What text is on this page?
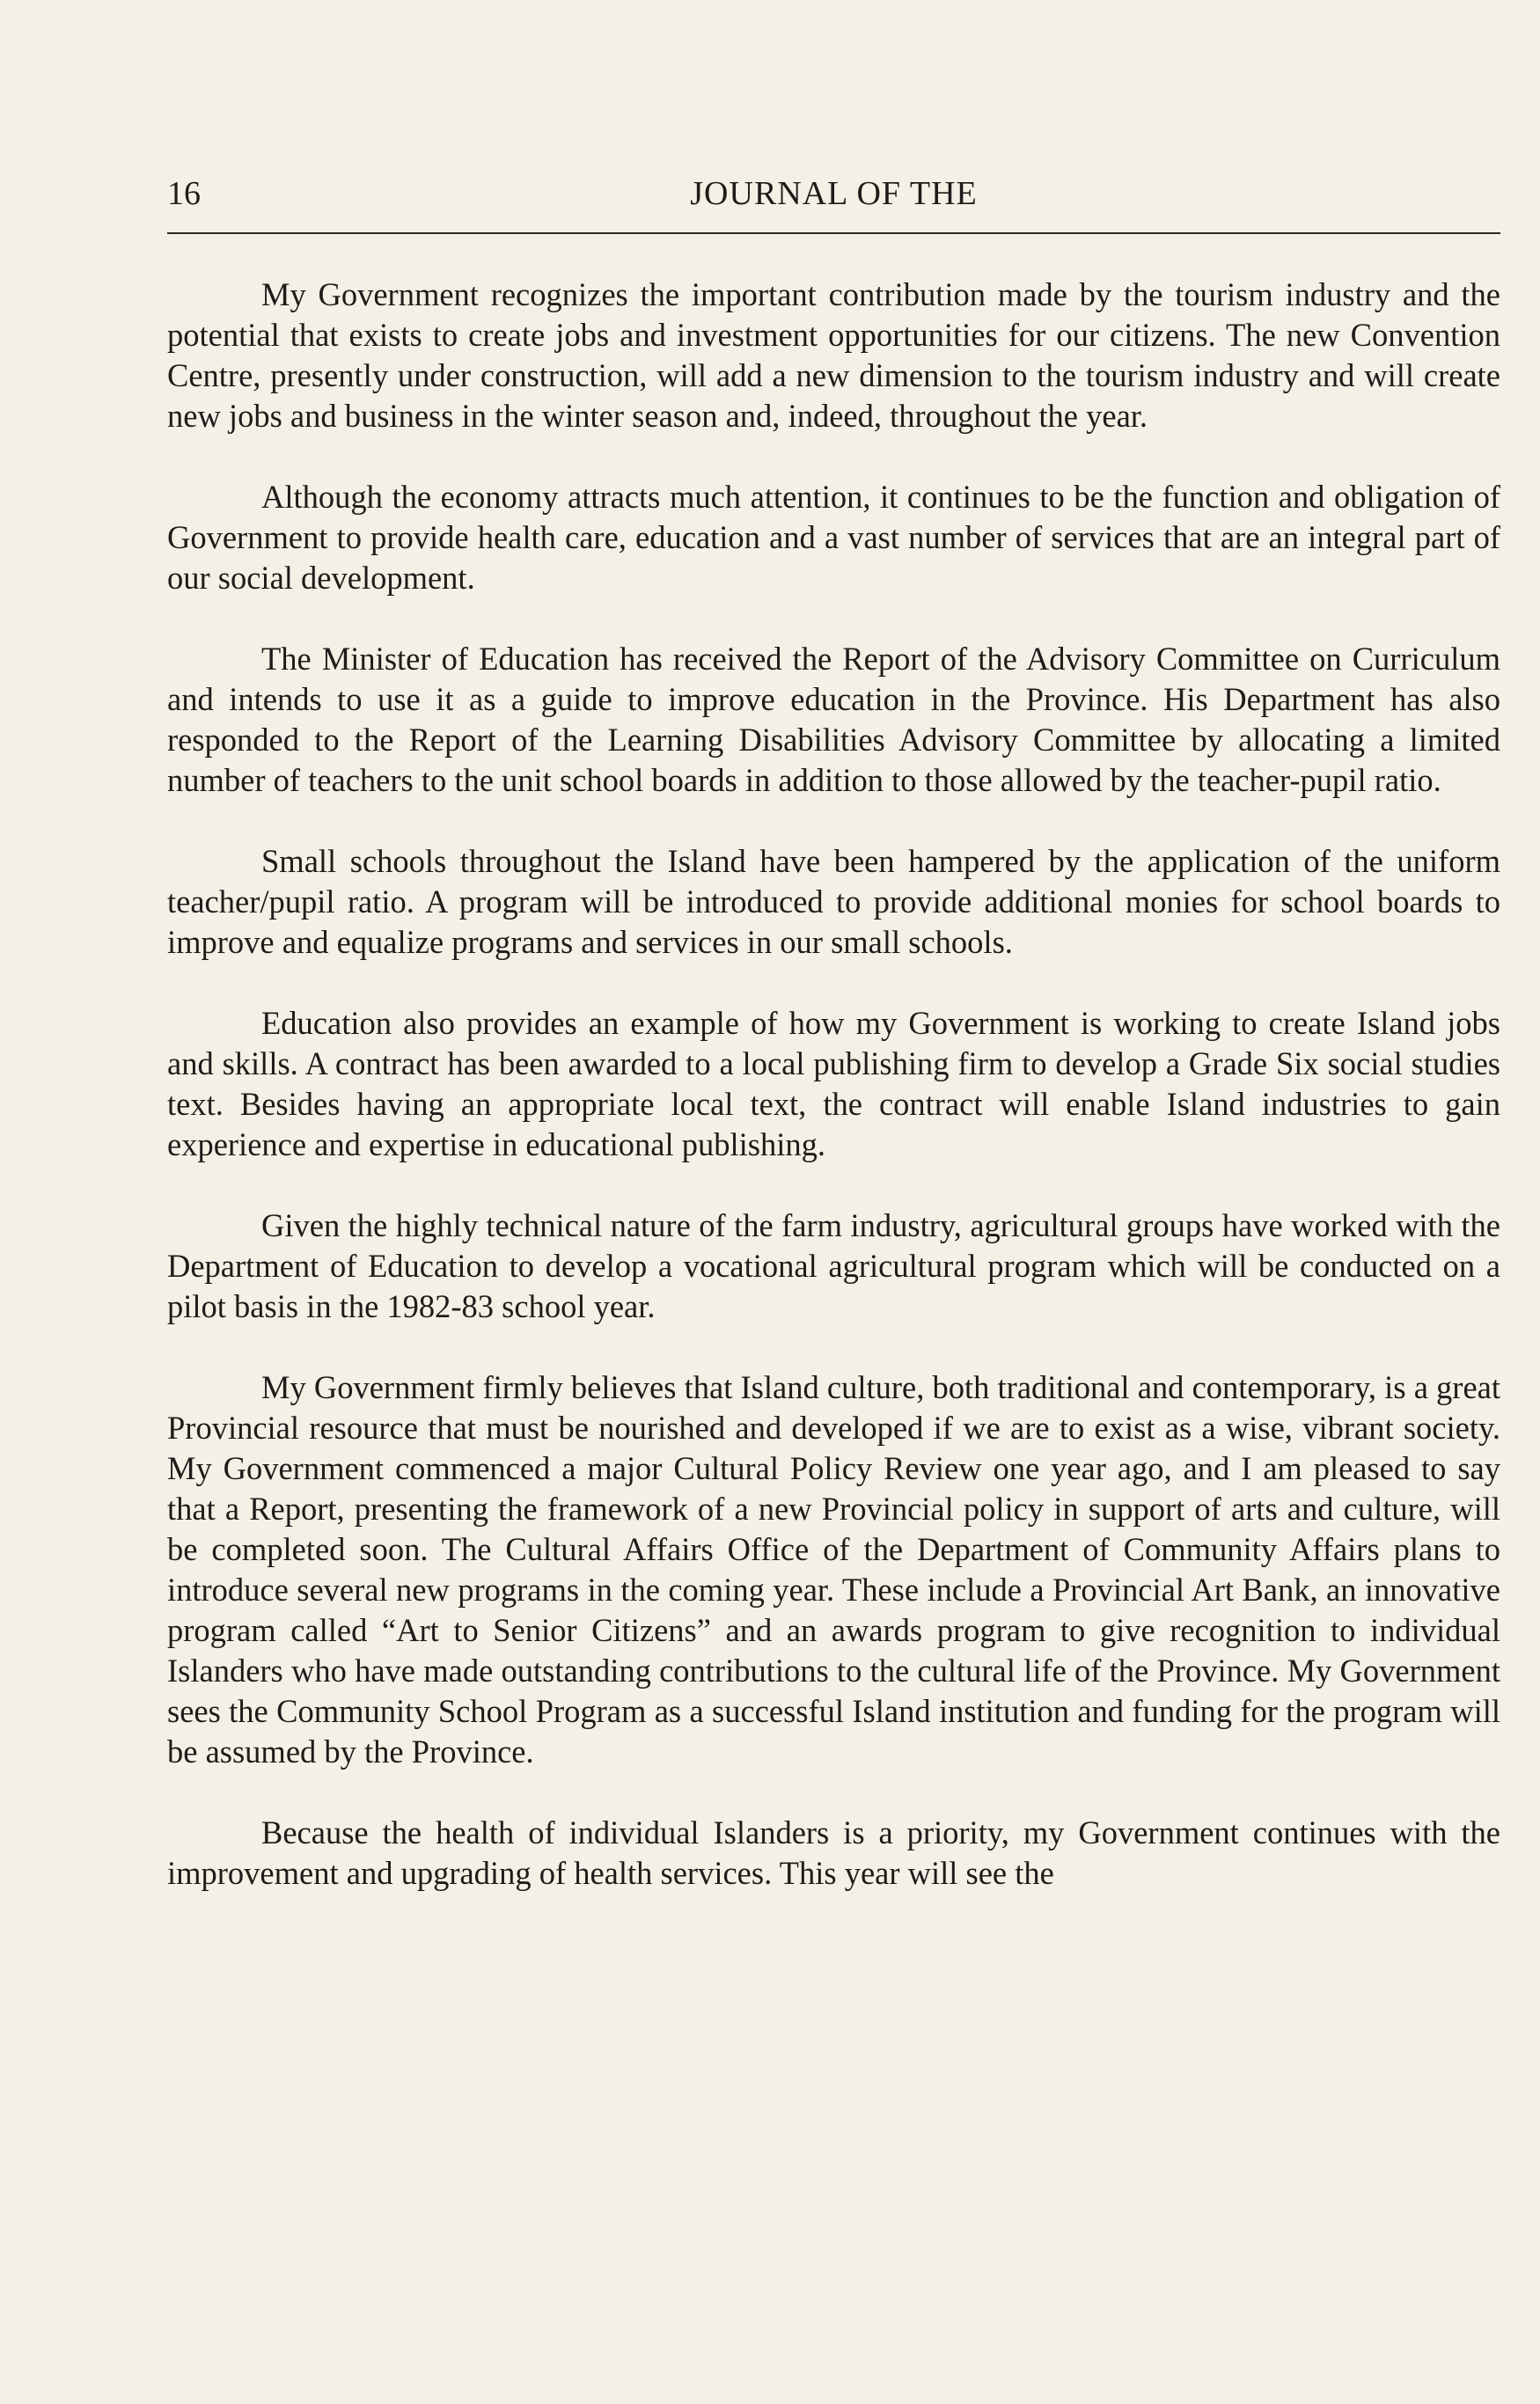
16	JOURNAL OF THE

My Government recognizes the important contribution made by the tourism industry and the potential that exists to create jobs and investment opportunities for our citizens. The new Convention Centre, presently under construction, will add a new dimension to the tourism industry and will create new jobs and business in the winter season and, indeed, throughout the year.

Although the economy attracts much attention, it continues to be the function and obligation of Government to provide health care, education and a vast number of services that are an integral part of our social development.

The Minister of Education has received the Report of the Advisory Committee on Curriculum and intends to use it as a guide to improve education in the Province. His Department has also responded to the Report of the Learning Disabilities Advisory Committee by allocating a limited number of teachers to the unit school boards in addition to those allowed by the teacher-pupil ratio.

Small schools throughout the Island have been hampered by the application of the uniform teacher/pupil ratio. A program will be introduced to provide additional monies for school boards to improve and equalize programs and services in our small schools.

Education also provides an example of how my Government is working to create Island jobs and skills. A contract has been awarded to a local publishing firm to develop a Grade Six social studies text. Besides having an appropriate local text, the contract will enable Island industries to gain experience and expertise in educational publishing.

Given the highly technical nature of the farm industry, agricultural groups have worked with the Department of Education to develop a vocational agricultural program which will be conducted on a pilot basis in the 1982-83 school year.

My Government firmly believes that Island culture, both traditional and contemporary, is a great Provincial resource that must be nourished and developed if we are to exist as a wise, vibrant society. My Government commenced a major Cultural Policy Review one year ago, and I am pleased to say that a Report, presenting the framework of a new Provincial policy in support of arts and culture, will be completed soon. The Cultural Affairs Office of the Department of Community Affairs plans to introduce several new programs in the coming year. These include a Provincial Art Bank, an innovative program called “Art to Senior Citizens” and an awards program to give recognition to individual Islanders who have made outstanding contributions to the cultural life of the Province. My Government sees the Community School Program as a successful Island institution and funding for the program will be assumed by the Province.

Because the health of individual Islanders is a priority, my Government continues with the improvement and upgrading of health services. This year will see the
